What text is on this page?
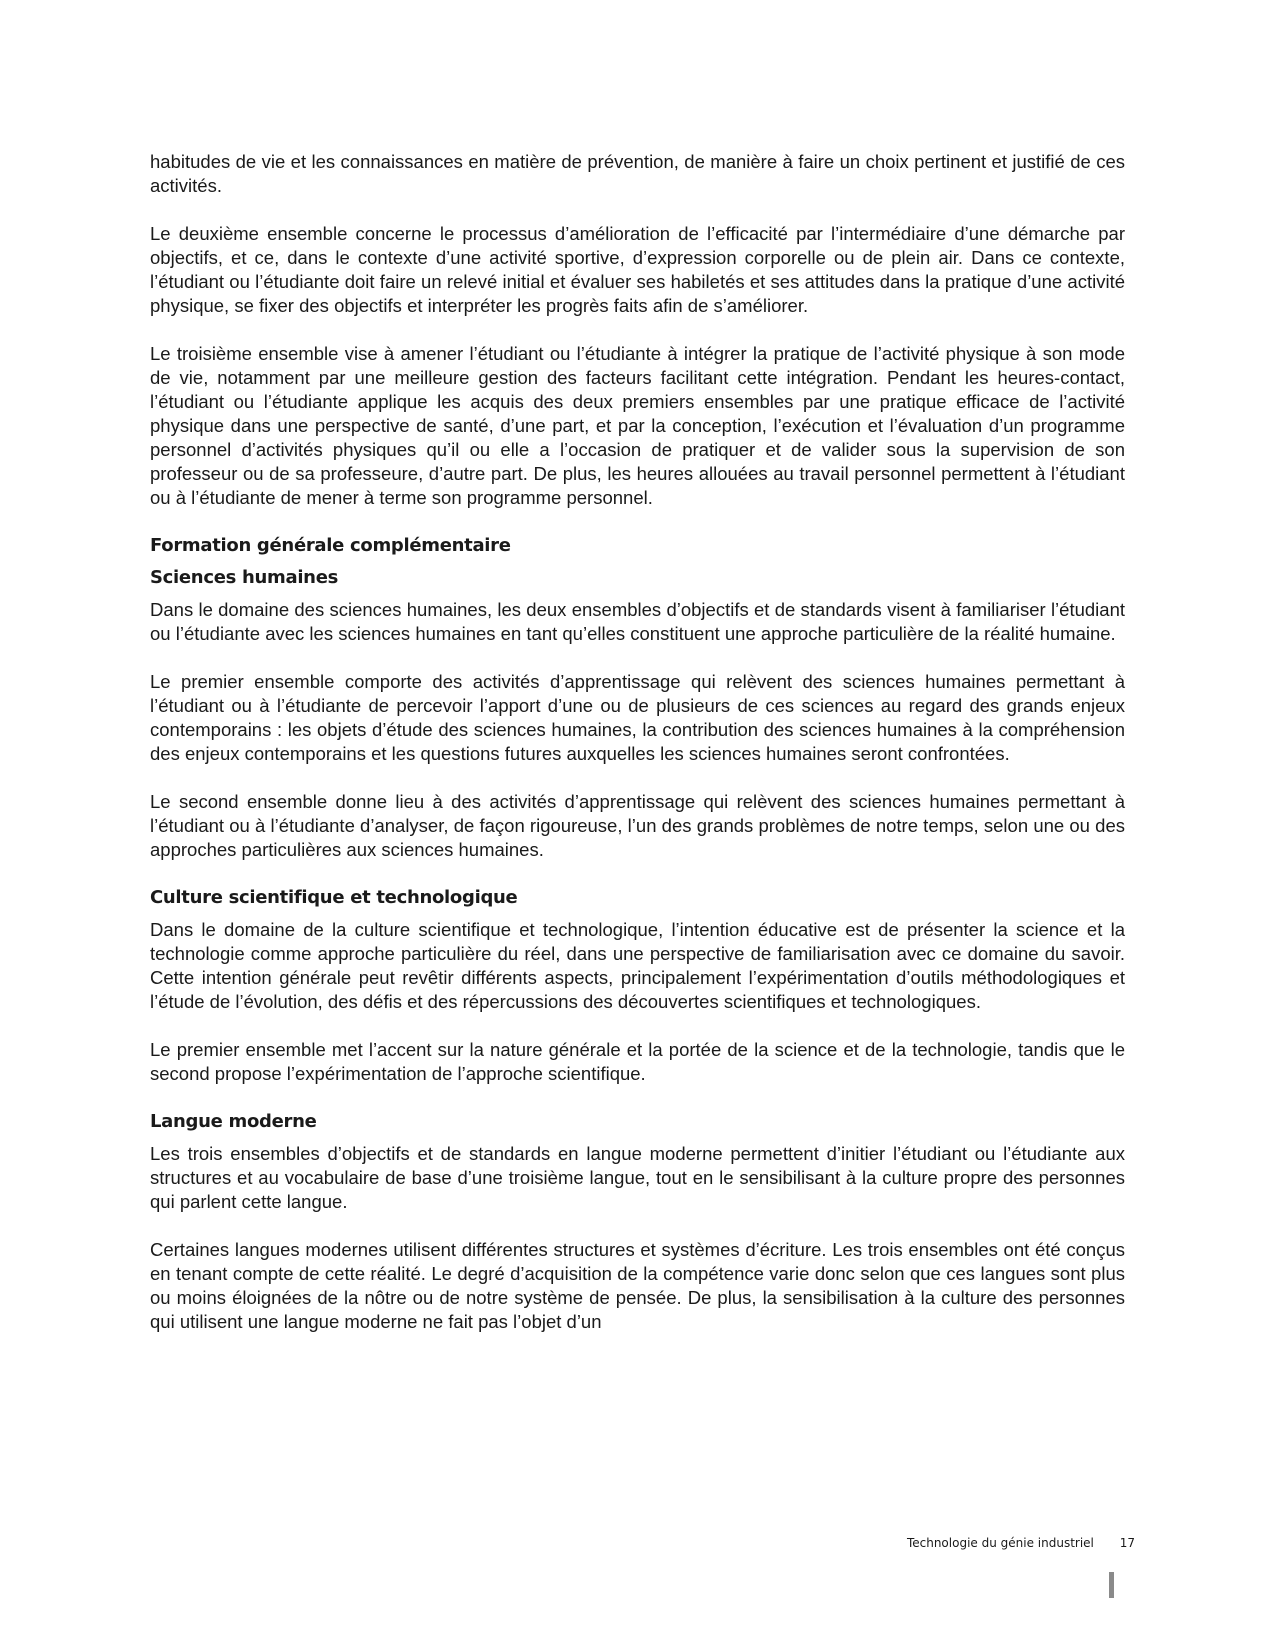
habitudes de vie et les connaissances en matière de prévention, de manière à faire un choix pertinent et justifié de ces activités.

Le deuxième ensemble concerne le processus d’amélioration de l’efficacité par l’intermédiaire d’une démarche par objectifs, et ce, dans le contexte d’une activité sportive, d’expression corporelle ou de plein air. Dans ce contexte, l’étudiant ou l’étudiante doit faire un relevé initial et évaluer ses habiletés et ses attitudes dans la pratique d’une activité physique, se fixer des objectifs et interpréter les progrès faits afin de s’améliorer.

Le troisième ensemble vise à amener l’étudiant ou l’étudiante à intégrer la pratique de l’activité physique à son mode de vie, notamment par une meilleure gestion des facteurs facilitant cette intégration. Pendant les heures-contact, l’étudiant ou l’étudiante applique les acquis des deux premiers ensembles par une pratique efficace de l’activité physique dans une perspective de santé, d’une part, et par la conception, l’exécution et l’évaluation d’un programme personnel d’activités physiques qu’il ou elle a l’occasion de pratiquer et de valider sous la supervision de son professeur ou de sa professeure, d’autre part. De plus, les heures allouées au travail personnel permettent à l’étudiant ou à l’étudiante de mener à terme son programme personnel.

Formation générale complémentaire
Sciences humaines

Dans le domaine des sciences humaines, les deux ensembles d’objectifs et de standards visent à familiariser l’étudiant ou l’étudiante avec les sciences humaines en tant qu’elles constituent une approche particulière de la réalité humaine.

Le premier ensemble comporte des activités d’apprentissage qui relèvent des sciences humaines permettant à l’étudiant ou à l’étudiante de percevoir l’apport d’une ou de plusieurs de ces sciences au regard des grands enjeux contemporains : les objets d’étude des sciences humaines, la contribution des sciences humaines à la compréhension des enjeux contemporains et les questions futures auxquelles les sciences humaines seront confrontées.

Le second ensemble donne lieu à des activités d’apprentissage qui relèvent des sciences humaines permettant à l’étudiant ou à l’étudiante d’analyser, de façon rigoureuse, l’un des grands problèmes de notre temps, selon une ou des approches particulières aux sciences humaines.

Culture scientifique et technologique

Dans le domaine de la culture scientifique et technologique, l’intention éducative est de présenter la science et la technologie comme approche particulière du réel, dans une perspective de familiarisation avec ce domaine du savoir. Cette intention générale peut revêtir différents aspects, principalement l’expérimentation d’outils méthodologiques et l’étude de l’évolution, des défis et des répercussions des découvertes scientifiques et technologiques.

Le premier ensemble met l’accent sur la nature générale et la portée de la science et de la technologie, tandis que le second propose l’expérimentation de l’approche scientifique.

Langue moderne

Les trois ensembles d’objectifs et de standards en langue moderne permettent d’initier l’étudiant ou l’étudiante aux structures et au vocabulaire de base d’une troisième langue, tout en le sensibilisant à la culture propre des personnes qui parlent cette langue.

Certaines langues modernes utilisent différentes structures et systèmes d’écriture. Les trois ensembles ont été conçus en tenant compte de cette réalité. Le degré d’acquisition de la compétence varie donc selon que ces langues sont plus ou moins éloignées de la nôtre ou de notre système de pensée. De plus, la sensibilisation à la culture des personnes qui utilisent une langue moderne ne fait pas l’objet d’un

Technologie du génie industriel 17
